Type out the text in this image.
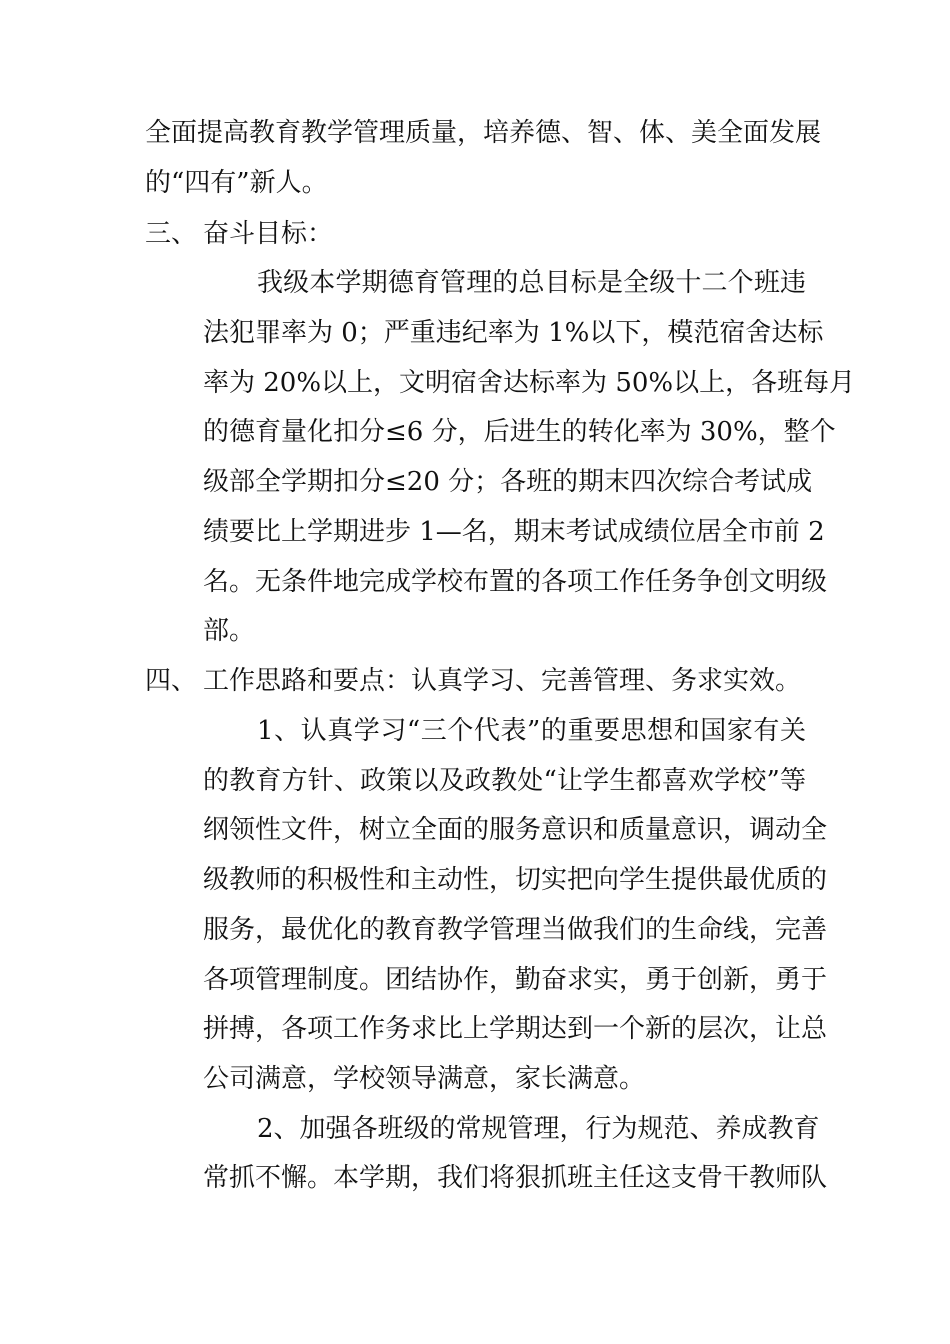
全面提高教育教学管理质量，培养德、智、体、美全面发展

的“四有”新人。

三、 奋斗目标：

我级本学期德育管理的总目标是全级十二个班违

法犯罪率为 0；严重违纪率为 1%以下，模范宿舍达标

率为 20%以上，文明宿舍达标率为 50%以上，各班每月

的德育量化扣分≤6 分，后进生的转化率为 30%，整个

级部全学期扣分≤20 分；各班的期末四次综合考试成

绩要比上学期进步 1—名，期末考试成绩位居全市前 2

名。无条件地完成学校布置的各项工作任务争创文明级

部。

四、 工作思路和要点：认真学习、完善管理、务求实效。

1、认真学习“三个代表”的重要思想和国家有关

的教育方针、政策以及政教处“让学生都喜欢学校”等

纲领性文件，树立全面的服务意识和质量意识，调动全

级教师的积极性和主动性，切实把向学生提供最优质的

服务，最优化的教育教学管理当做我们的生命线，完善

各项管理制度。团结协作，勤奋求实，勇于创新，勇于

拼搏，各项工作务求比上学期达到一个新的层次，让总

公司满意，学校领导满意，家长满意。

2、加强各班级的常规管理，行为规范、养成教育

常抓不懈。本学期，我们将狠抓班主任这支骨干教师队
